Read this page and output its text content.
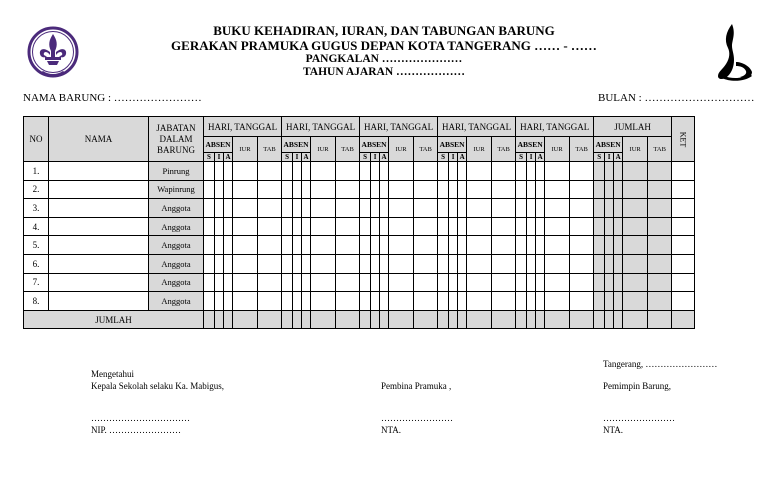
BUKU KEHADIRAN, IURAN, DAN TABUNGAN BARUNG
GERAKAN PRAMUKA GUGUS DEPAN KOTA TANGERANG …… - ……
PANGKALAN …………………
TAHUN AJARAN ………………
NAMA BARUNG : ……………………	BULAN : …………………………
NO	NAMA	JABATAN DALAM BARUNG	HARI, TANGGAL					HARI, TANGGAL					HARI, TANGGAL					HARI, TANGGAL					HARI, TANGGAL					JUMLAH					KET
			ABSEN			IUR	TAB	ABSEN			IUR	TAB	ABSEN			IUR	TAB	ABSEN			IUR	TAB	ABSEN			IUR	TAB	ABSEN			IUR	TAB	
			S	I	A			S	I	A			S	I	A			S	I	A			S	I	A			S	I	A			
1.		Pinrung																															
2.		Wapinrung																															
3.		Anggota																															
4.		Anggota																															
5.		Anggota																															
6.		Anggota																															
7.		Anggota																															
8.		Anggota																															
JUMLAH																																	
Mengetahui
Kepala Sekolah selaku Ka. Mabigus,
……………………………
NIP. ……………………
Pembina Pramuka ,
……………………
NTA.
Tangerang, ……………………
Pemimpin Barung,
……………………
NTA.
